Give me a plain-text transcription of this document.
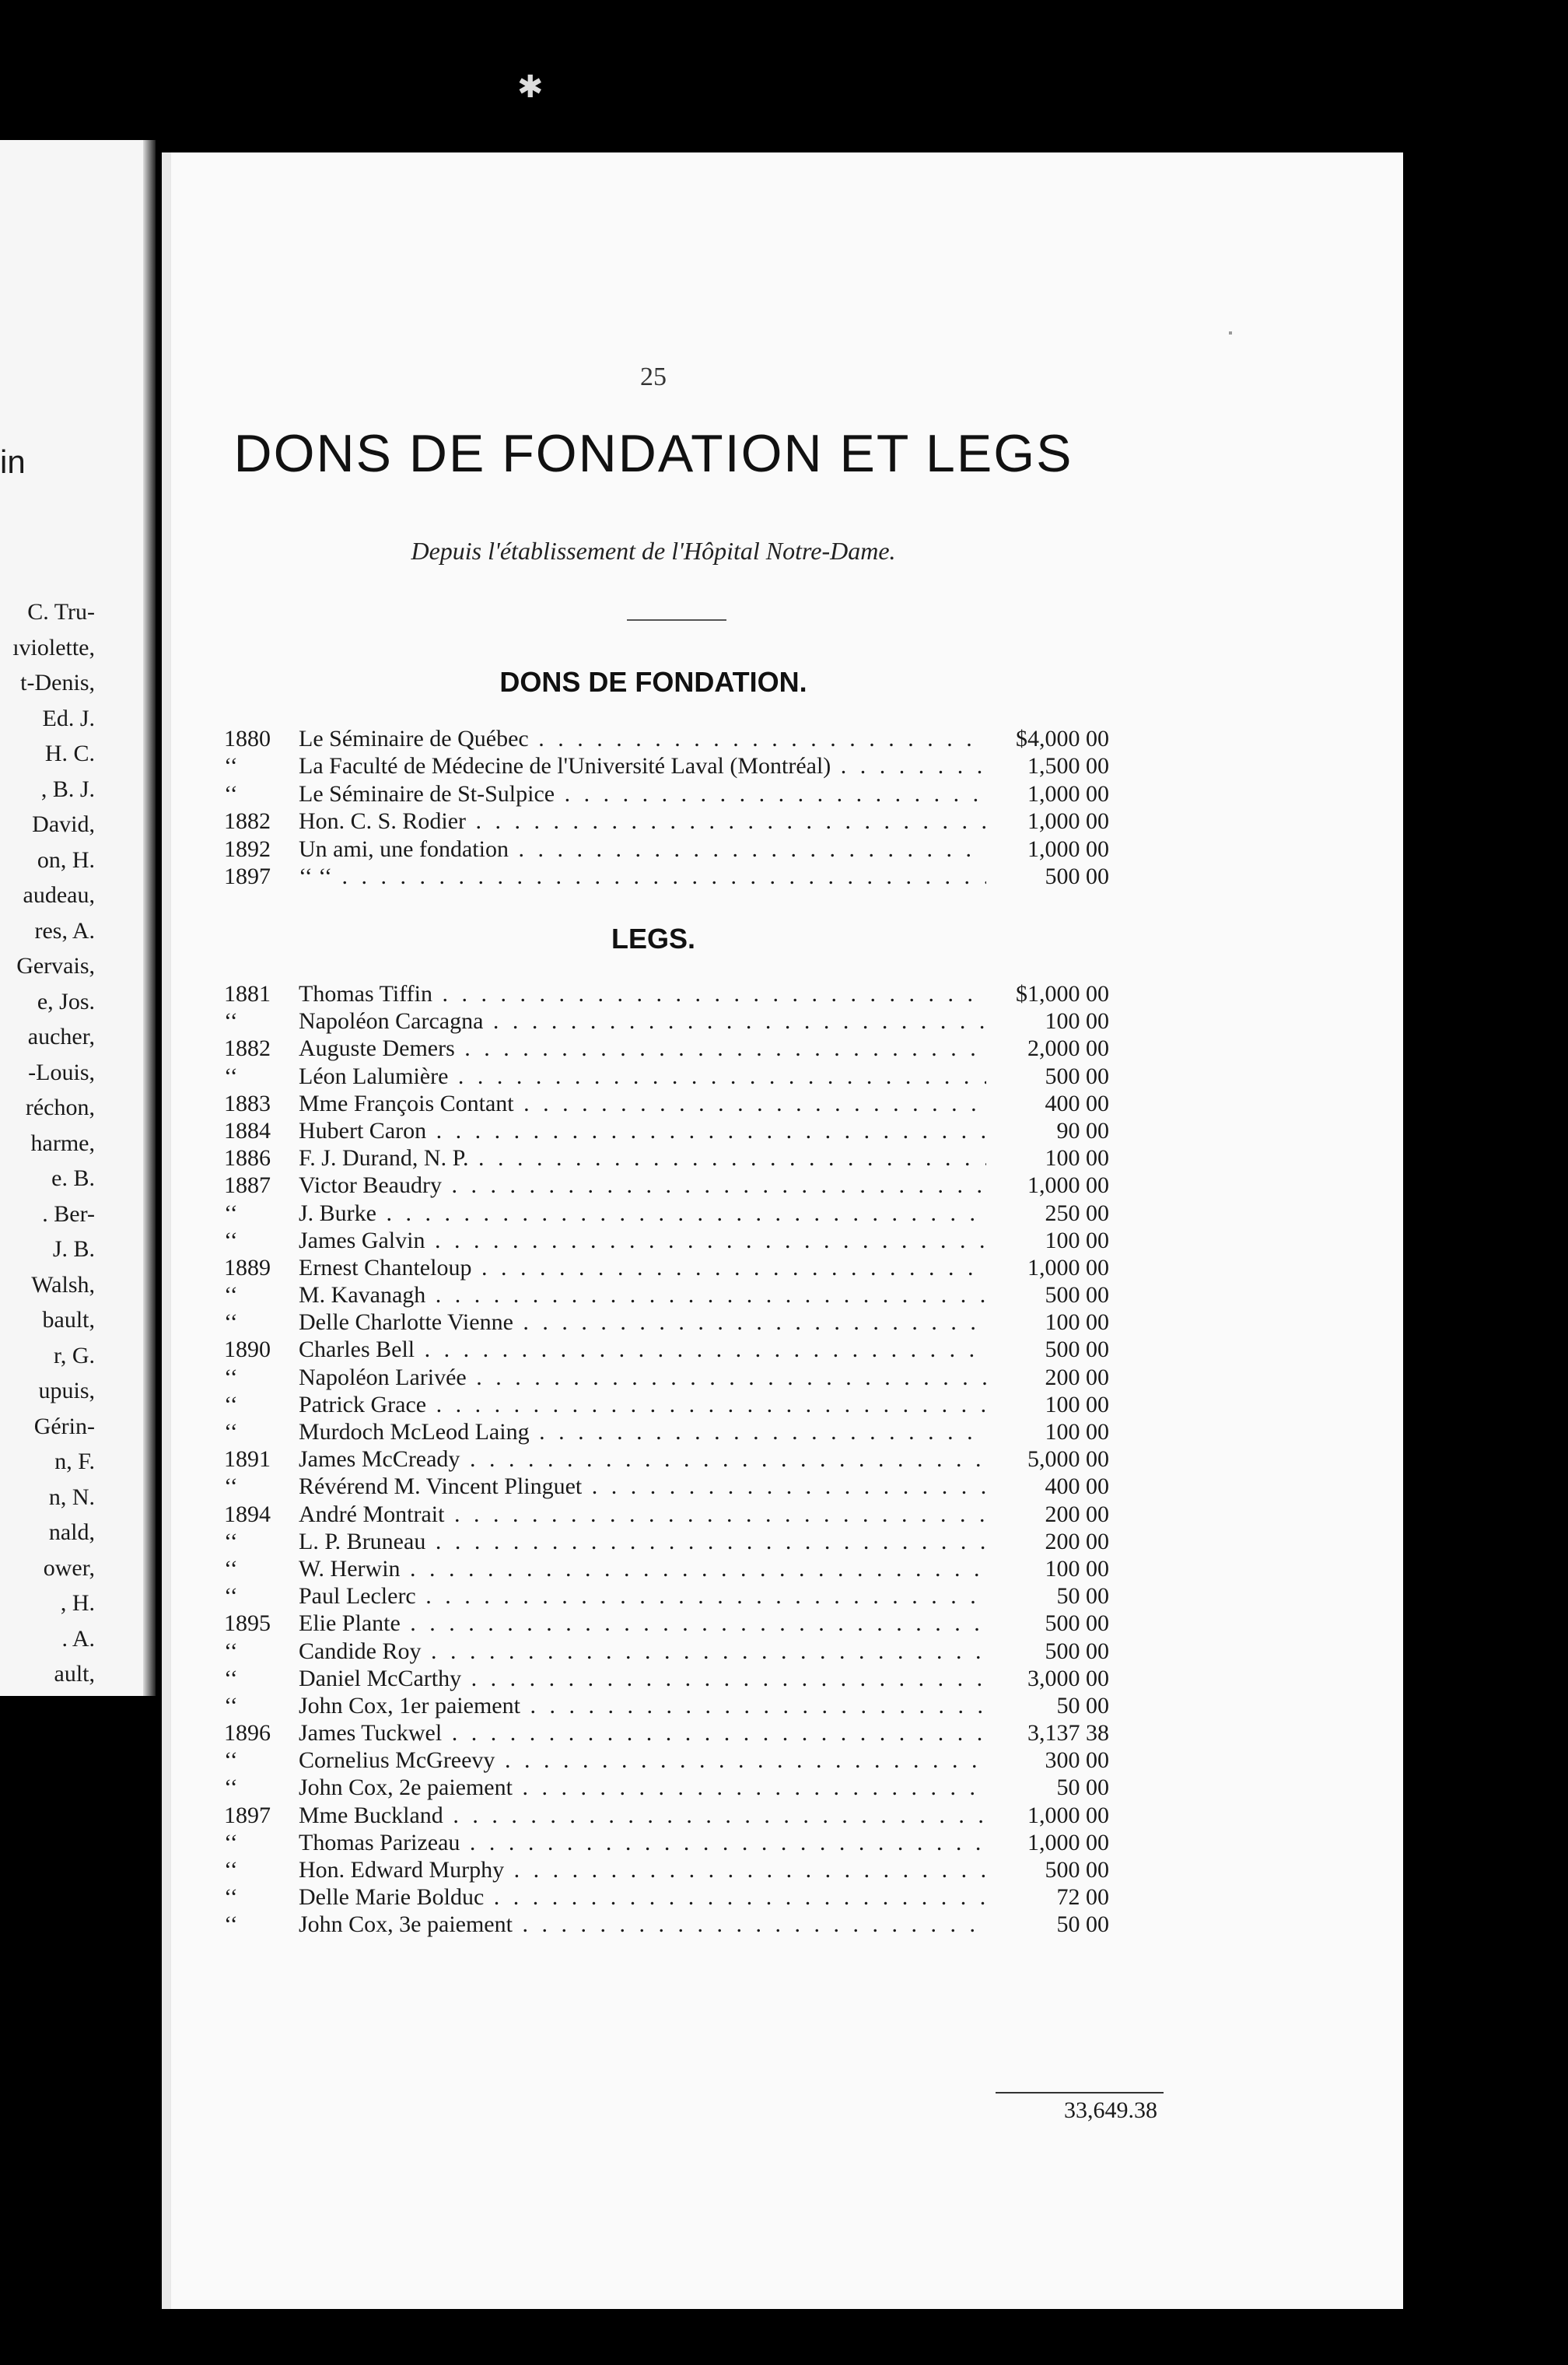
✱
in
C. Tru-
ıviolette,
t-Denis,
Ed. J.
H. C.
, B. J.
David,
on, H.
audeau,
res, A.
Gervais,
e, Jos.
aucher,
-Louis,
réchon,
harme,
e. B.
. Ber-
J. B.
Walsh,
bault,
r, G.
upuis,
Gérin-
n, F.
n, N.
nald,
ower,
, H.
. A.
ault,
25
DONS DE FONDATION ET LEGS
Depuis l'établissement de l'Hôpital Notre-Dame.
DONS DE FONDATION.
1880 Le Séminaire de Québec . . .	$4,000 00
‘‘	La Faculté de Médecine de l'Université Laval (Montréal) . . .	1,500 00
‘‘	Le Séminaire de St-Sulpice . . .	1,000 00
1882 Hon. C. S. Rodier . . .	1,000 00
1892 Un ami, une fondation . . .	1,000 00
1897 ‘‘ ‘‘ . . .	500 00
LEGS.
1881 Thomas Tiffin . . .	$1,000 00
‘‘	Napoléon Carcagna . . .	100 00
1882 Auguste Demers . . .	2,000 00
‘‘	Léon Lalumière . . .	500 00
1883 Mme François Contant . . .	400 00
1884 Hubert Caron . . .	90 00
1886 F. J. Durand, N. P. . . .	100 00
1887 Victor Beaudry . . .	1,000 00
‘‘	J. Burke . . .	250 00
‘‘	James Galvin . . .	100 00
1889 Ernest Chanteloup . . .	1,000 00
‘‘	M. Kavanagh . . .	500 00
‘‘	Delle Charlotte Vienne . . .	100 00
1890 Charles Bell . . .	500 00
‘‘	Napoléon Larivée . . .	200 00
‘‘	Patrick Grace . . .	100 00
‘‘	Murdoch McLeod Laing . . .	100 00
1891 James McCready . . .	5,000 00
‘‘	Révérend M. Vincent Plinguet . . .	400 00
1894 André Montrait . . .	200 00
‘‘	L. P. Bruneau . . .	200 00
‘‘	W. Herwin . . .	100 00
‘‘	Paul Leclerc . . .	50 00
1895 Elie Plante . . .	500 00
‘‘	Candide Roy . . .	500 00
‘‘	Daniel McCarthy . . .	3,000 00
‘‘	John Cox, 1er paiement . . .	50 00
1896 James Tuckwel . . .	3,137 38
‘‘	Cornelius McGreevy . . .	300 00
‘‘	John Cox, 2e paiement . . .	50 00
1897 Mme Buckland . . .	1,000 00
‘‘	Thomas Parizeau . . .	1,000 00
‘‘	Hon. Edward Murphy . . .	500 00
‘‘	Delle Marie Bolduc . . .	72 00
‘‘	John Cox, 3e paiement . . .	50 00
33,649.38
